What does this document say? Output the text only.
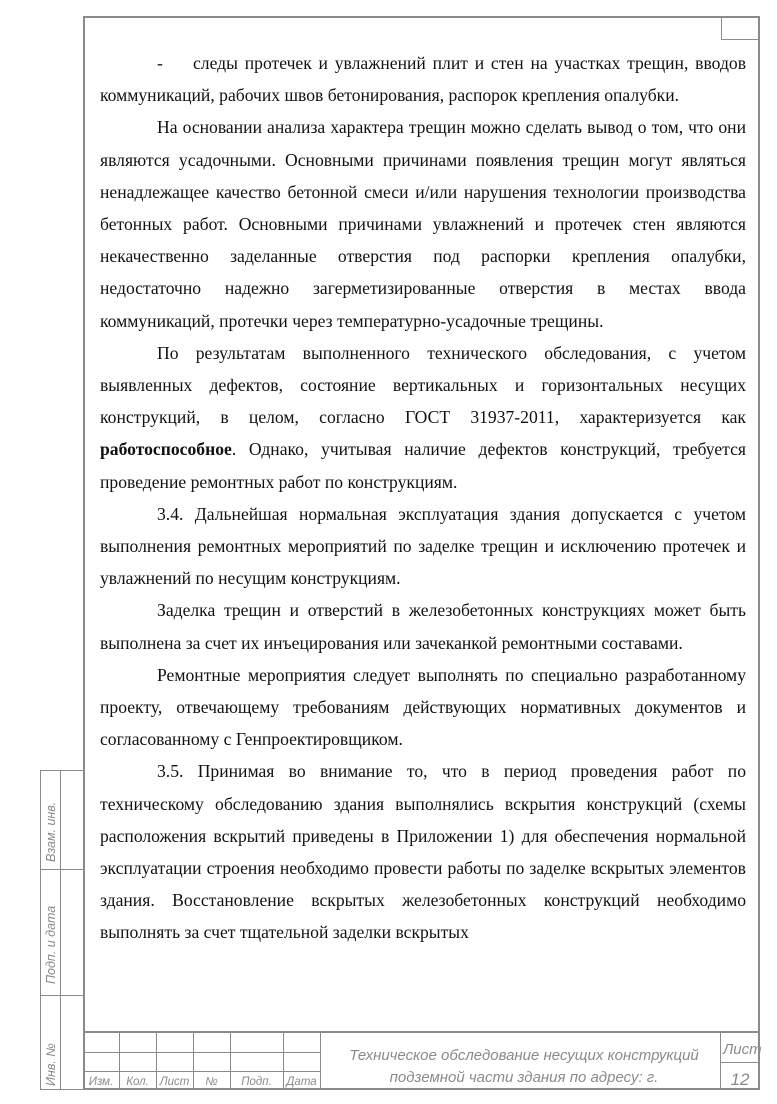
- следы протечек и увлажнений плит и стен на участках трещин, вводов коммуникаций, рабочих швов бетонирования, распорок крепления опалубки.

На основании анализа характера трещин можно сделать вывод о том, что они являются усадочными. Основными причинами появления трещин могут являться ненадлежащее качество бетонной смеси и/или нарушения технологии производства бетонных работ. Основными причинами увлажнений и протечек стен являются некачественно заделанные отверстия под распорки крепления опалубки, недостаточно надежно загерметизированные отверстия в местах ввода коммуникаций, протечки через температурно-усадочные трещины.

По результатам выполненного технического обследования, с учетом выявленных дефектов, состояние вертикальных и горизонтальных несущих конструкций, в целом, согласно ГОСТ 31937-2011, характеризуется как работоспособное. Однако, учитывая наличие дефектов конструкций, требуется проведение ремонтных работ по конструкциям.

3.4. Дальнейшая нормальная эксплуатация здания допускается с учетом выполнения ремонтных мероприятий по заделке трещин и исключению протечек и увлажнений по несущим конструкциям.

Заделка трещин и отверстий в железобетонных конструкциях может быть выполнена за счет их инъецирования или зачеканкой ремонтными составами.

Ремонтные мероприятия следует выполнять по специально разработанному проекту, отвечающему требованиям действующих нормативных документов и согласованному с Генпроектировщиком.

3.5. Принимая во внимание то, что в период проведения работ по техническому обследованию здания выполнялись вскрытия конструкций (схемы расположения вскрытий приведены в Приложении 1) для обеспечения нормальной эксплуатации строения необходимо провести работы по заделке вскрытых элементов здания. Восстановление вскрытых железобетонных конструкций необходимо выполнять за счет тщательной заделки вскрытых

Взам. инв.
Подп. и дата
Инв. №	Изм.	Кол. Лист	№	Подп.	Дата
Техническое обследование несущих конструкций подземной части здания по адресу: г.
Лист
12
